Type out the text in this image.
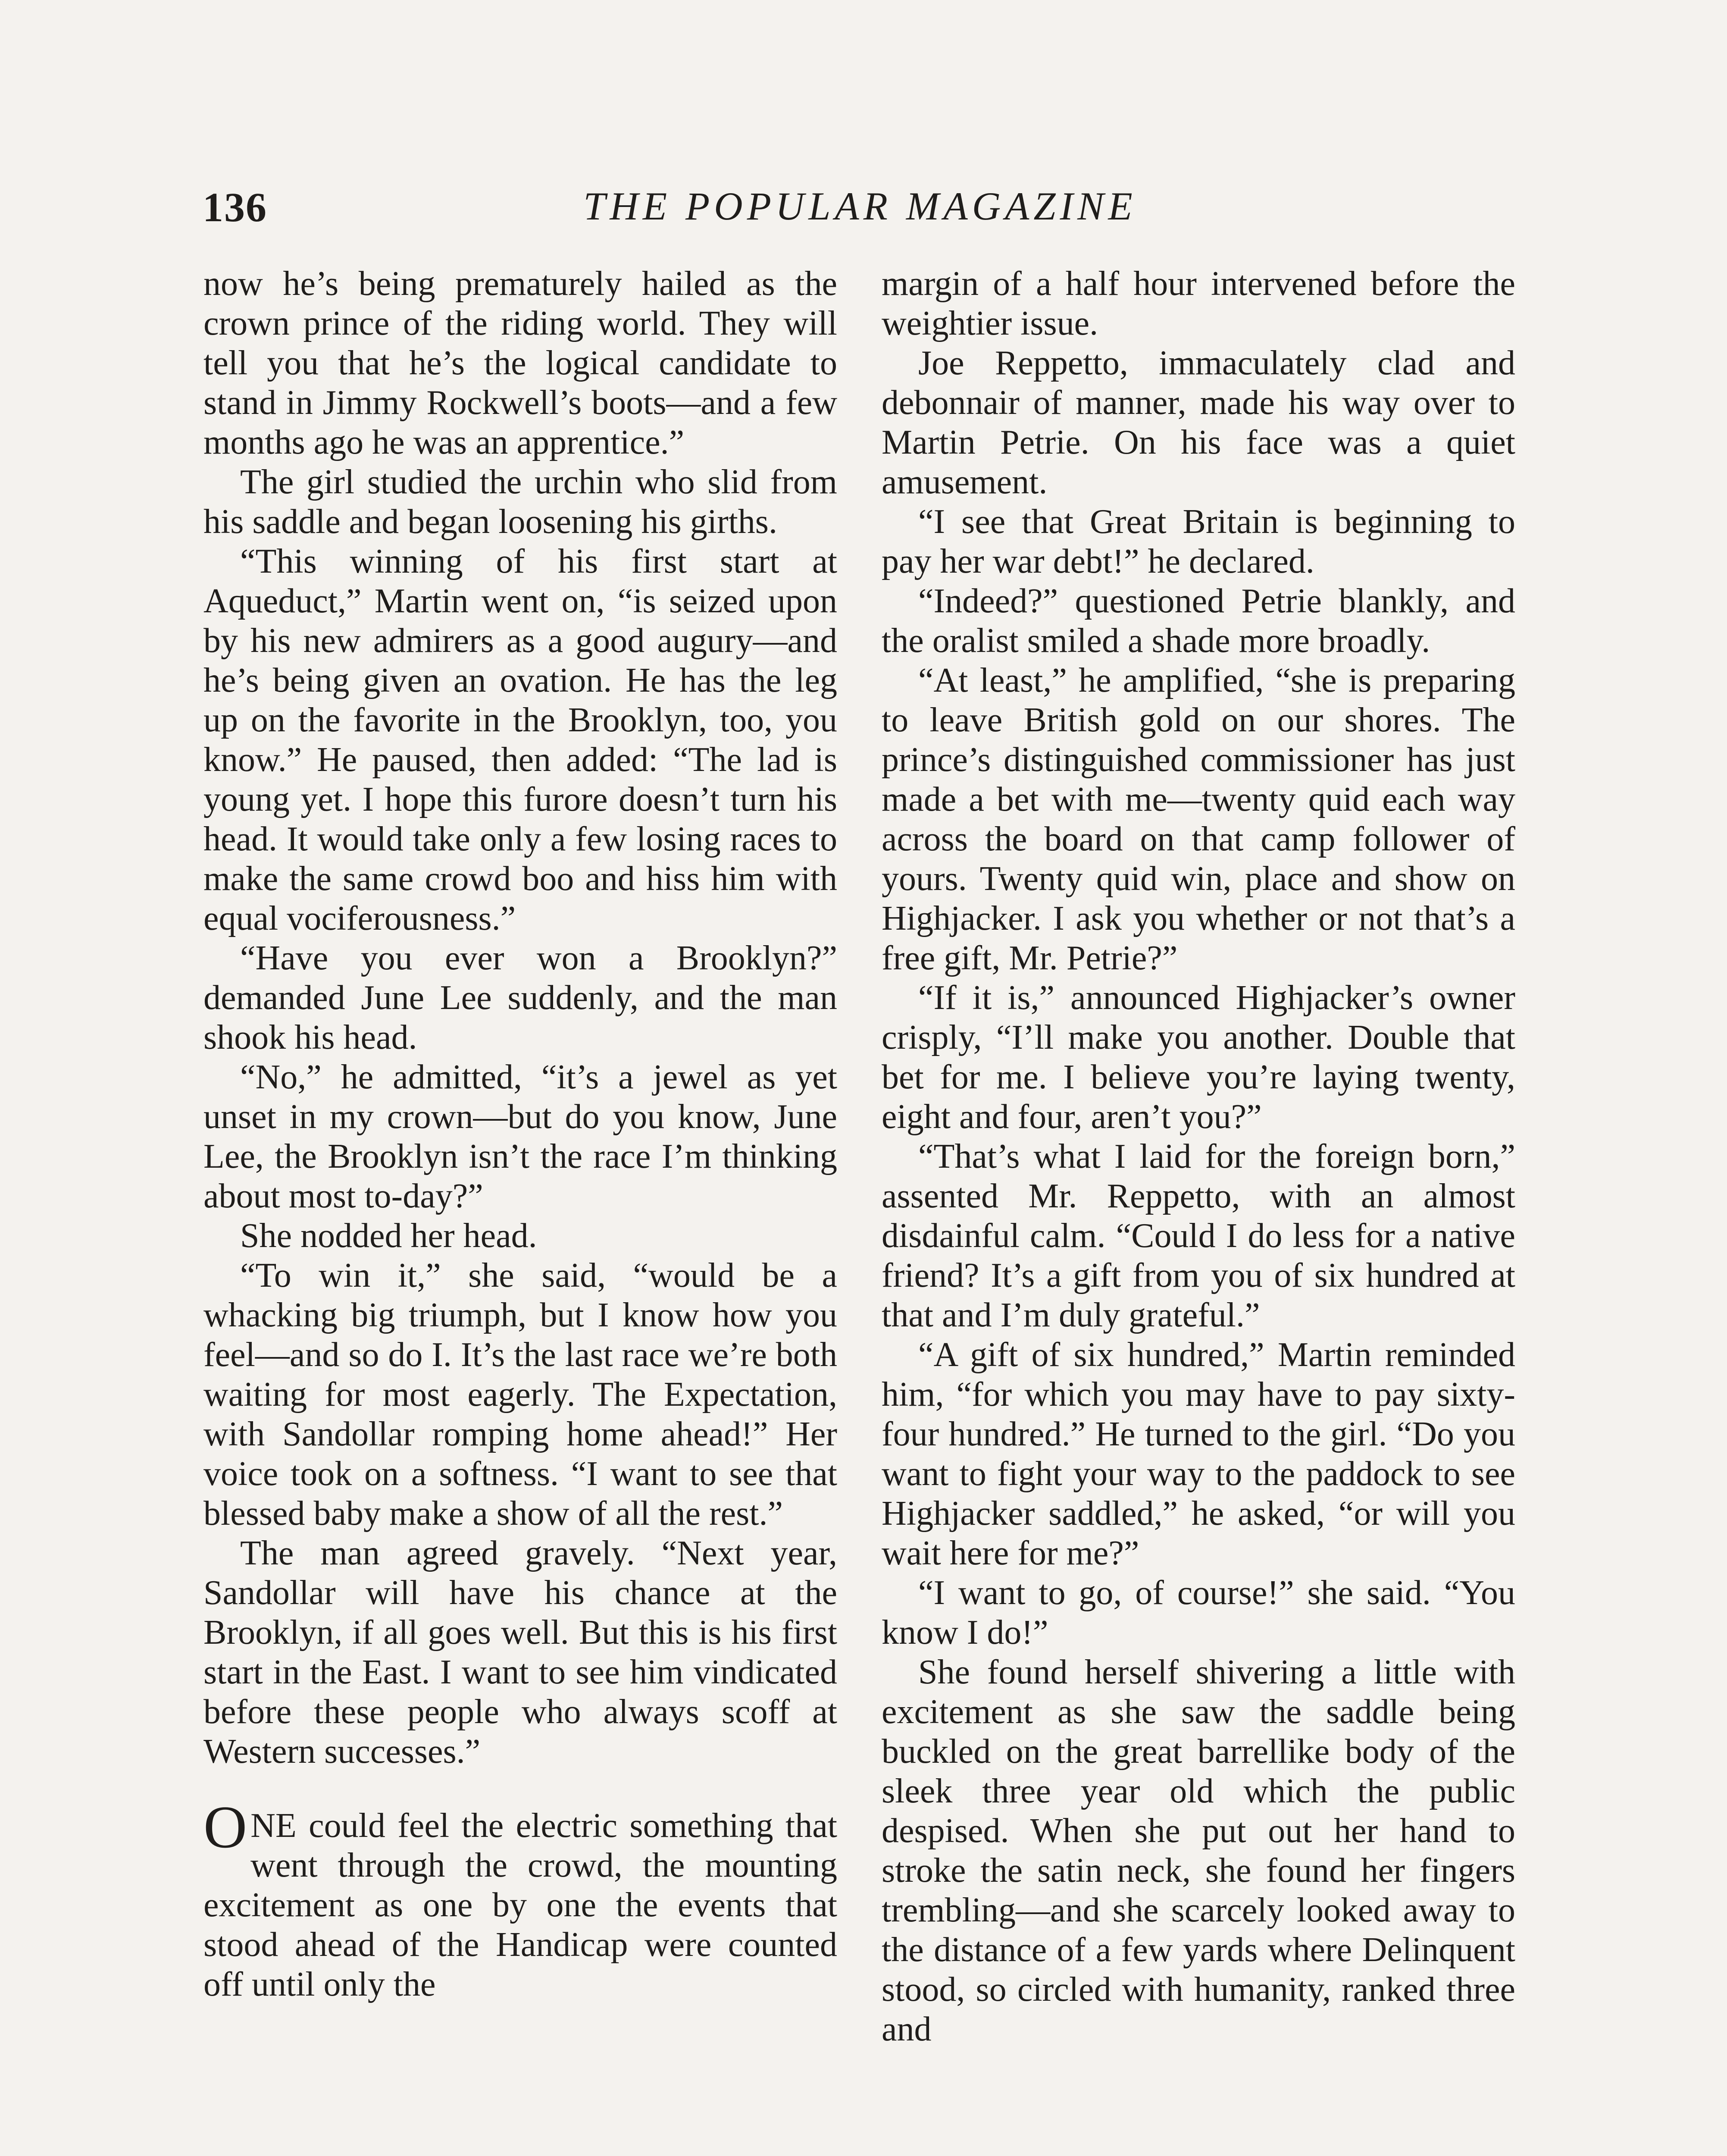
136	THE POPULAR MAGAZINE

now he’s being prematurely hailed as the crown prince of the riding world. They will tell you that he’s the logical candidate to stand in Jimmy Rockwell’s boots—and a few months ago he was an apprentice.”

The girl studied the urchin who slid from his saddle and began loosening his girths.

“This winning of his first start at Aqueduct,” Martin went on, “is seized upon by his new admirers as a good augury—and he’s being given an ovation. He has the leg up on the favorite in the Brooklyn, too, you know.” He paused, then added: “The lad is young yet. I hope this furore doesn’t turn his head. It would take only a few losing races to make the same crowd boo and hiss him with equal vociferousness.”

“Have you ever won a Brooklyn?” demanded June Lee suddenly, and the man shook his head.

“No,” he admitted, “it’s a jewel as yet unset in my crown—but do you know, June Lee, the Brooklyn isn’t the race I’m thinking about most to-day?”

She nodded her head.

“To win it,” she said, “would be a whacking big triumph, but I know how you feel—and so do I. It’s the last race we’re both waiting for most eagerly. The Expectation, with Sandollar romping home ahead!” Her voice took on a softness. “I want to see that blessed baby make a show of all the rest.”

The man agreed gravely. “Next year, Sandollar will have his chance at the Brooklyn, if all goes well. But this is his first start in the East. I want to see him vindicated before these people who always scoff at Western successes.”

ONE could feel the electric something that went through the crowd, the mounting excitement as one by one the events that stood ahead of the Handicap were counted off until only the

margin of a half hour intervened before the weightier issue.

Joe Reppetto, immaculately clad and debonnair of manner, made his way over to Martin Petrie. On his face was a quiet amusement.

“I see that Great Britain is beginning to pay her war debt!” he declared.

“Indeed?” questioned Petrie blankly, and the oralist smiled a shade more broadly.

“At least,” he amplified, “she is preparing to leave British gold on our shores. The prince’s distinguished commissioner has just made a bet with me—twenty quid each way across the board on that camp follower of yours. Twenty quid win, place and show on Highjacker. I ask you whether or not that’s a free gift, Mr. Petrie?”

“If it is,” announced Highjacker’s owner crisply, “I’ll make you another. Double that bet for me. I believe you’re laying twenty, eight and four, aren’t you?”

“That’s what I laid for the foreign born,” assented Mr. Reppetto, with an almost disdainful calm. “Could I do less for a native friend? It’s a gift from you of six hundred at that and I’m duly grateful.”

“A gift of six hundred,” Martin reminded him, “for which you may have to pay sixty-four hundred.” He turned to the girl. “Do you want to fight your way to the paddock to see Highjacker saddled,” he asked, “or will you wait here for me?”

“I want to go, of course!” she said. “You know I do!”

She found herself shivering a little with excitement as she saw the saddle being buckled on the great barrellike body of the sleek three year old which the public despised. When she put out her hand to stroke the satin neck, she found her fingers trembling—and she scarcely looked away to the distance of a few yards where Delinquent stood, so circled with humanity, ranked three and
